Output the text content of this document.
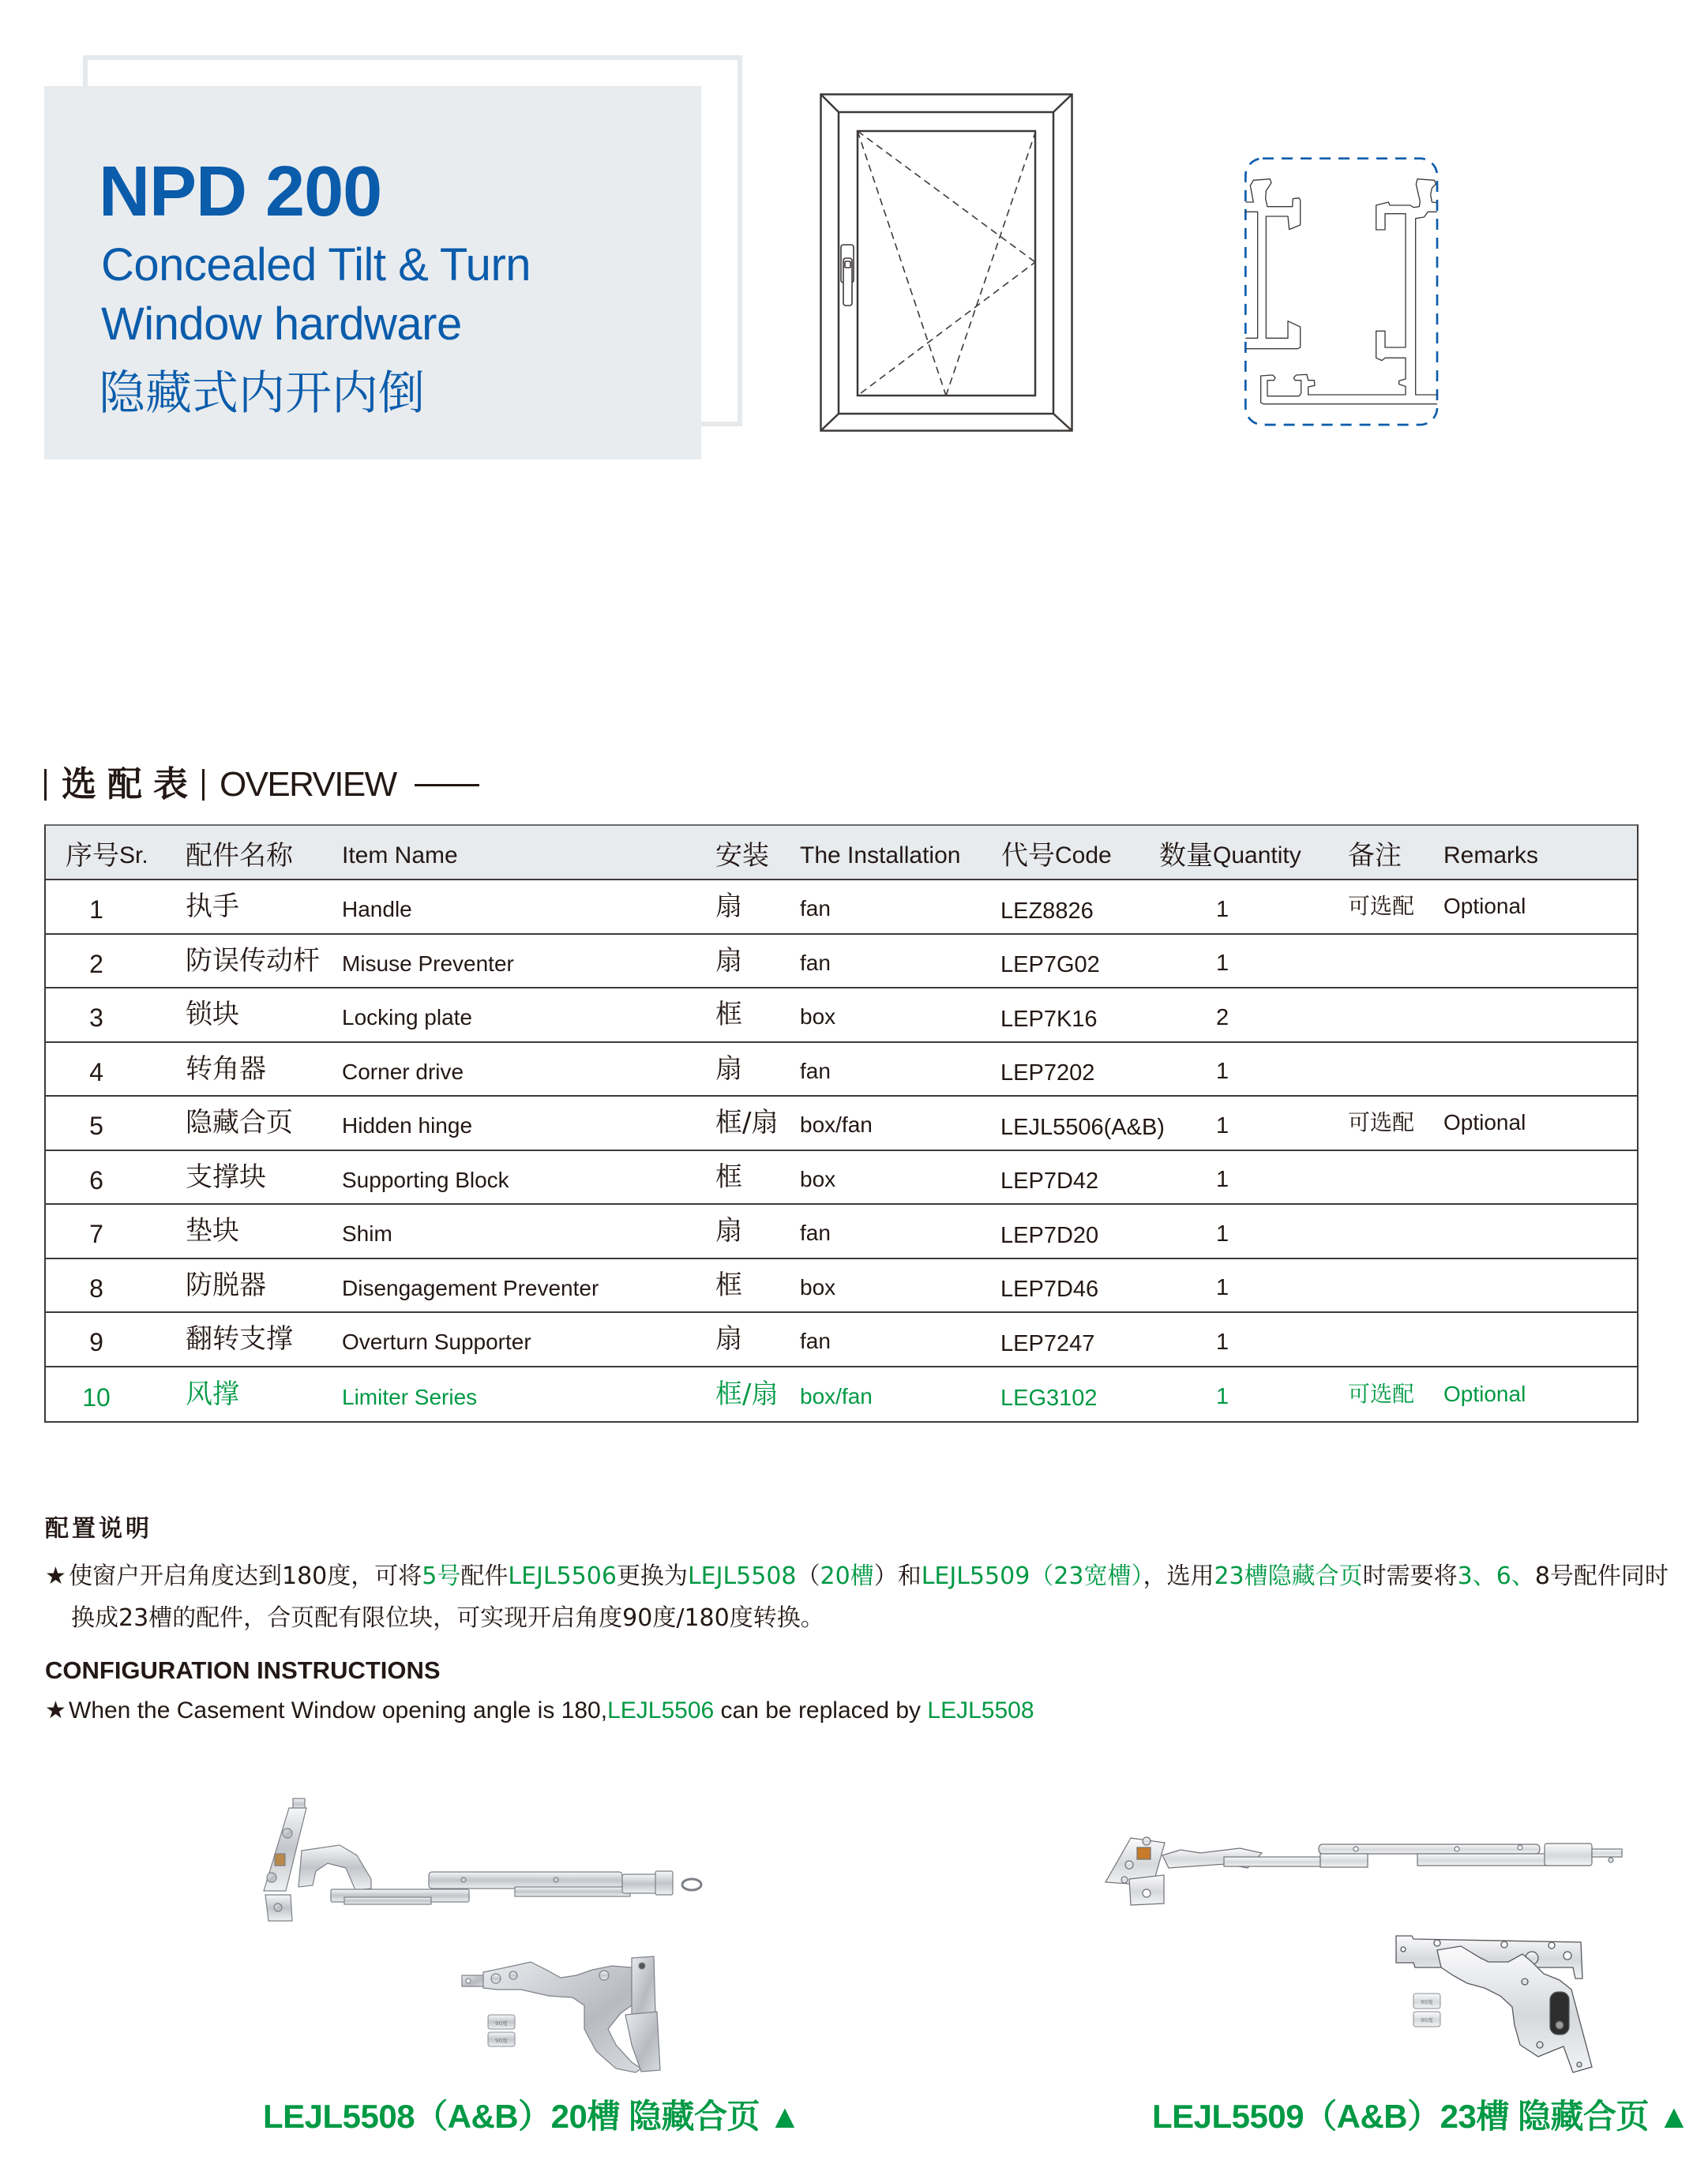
NPD 200
Concealed Tilt & Turn
Window hardware
隐藏式内开内倒
选配表 OVERVIEW
序号 Sr. 配件名称 Item Name	安装 The Installation 代号 Code 数量 Quantity 备注 Remarks
1	执手	Handle	扇	fan	LEZ8826	1	可选配 Optional
2	防误传动杆 Misuse Preventer	扇	fan	LEP7G02	1
3	锁块	Locking plate	框	box	LEP7K16	2
4	转角器	Corner drive	扇	fan	LEP7202	1
5	隐藏合页 Hidden hinge	框/扇 box/fan	LEJL5506(A&B) 1	可选配 Optional
6	支撑块	Supporting Block	框	box	LEP7D42	1
7	垫块	Shim	扇	fan	LEP7D20	1
8	防脱器	Disengagement Preventer	框	box	LEP7D46	1
9	翻转支撑 Overturn Supporter	扇	fan	LEP7247	1
10	风撑	Limiter Series	框/扇 box/fan	LEG3102	1	可选配 Optional
配置说明
★ 使窗户开启角度达到180度，可将5号配件LEJL5506更换为LEJL5508（20槽）和LEJL5509（23宽槽），选用23槽隐藏合页时需要将3、6、8号配件同时
换成23槽的配件，合页配有限位块，可实现开启角度90度/180度转换。
CONFIGURATION INSTRUCTIONS
★ When the Casement Window opening angle is 180,LEJL5506 can be replaced by LEJL5508
90度
90度
90度
90度
LEJL5508（A&B）20槽 隐藏合页 ▲	LEJL5509（A&B）23槽 隐藏合页 ▲
